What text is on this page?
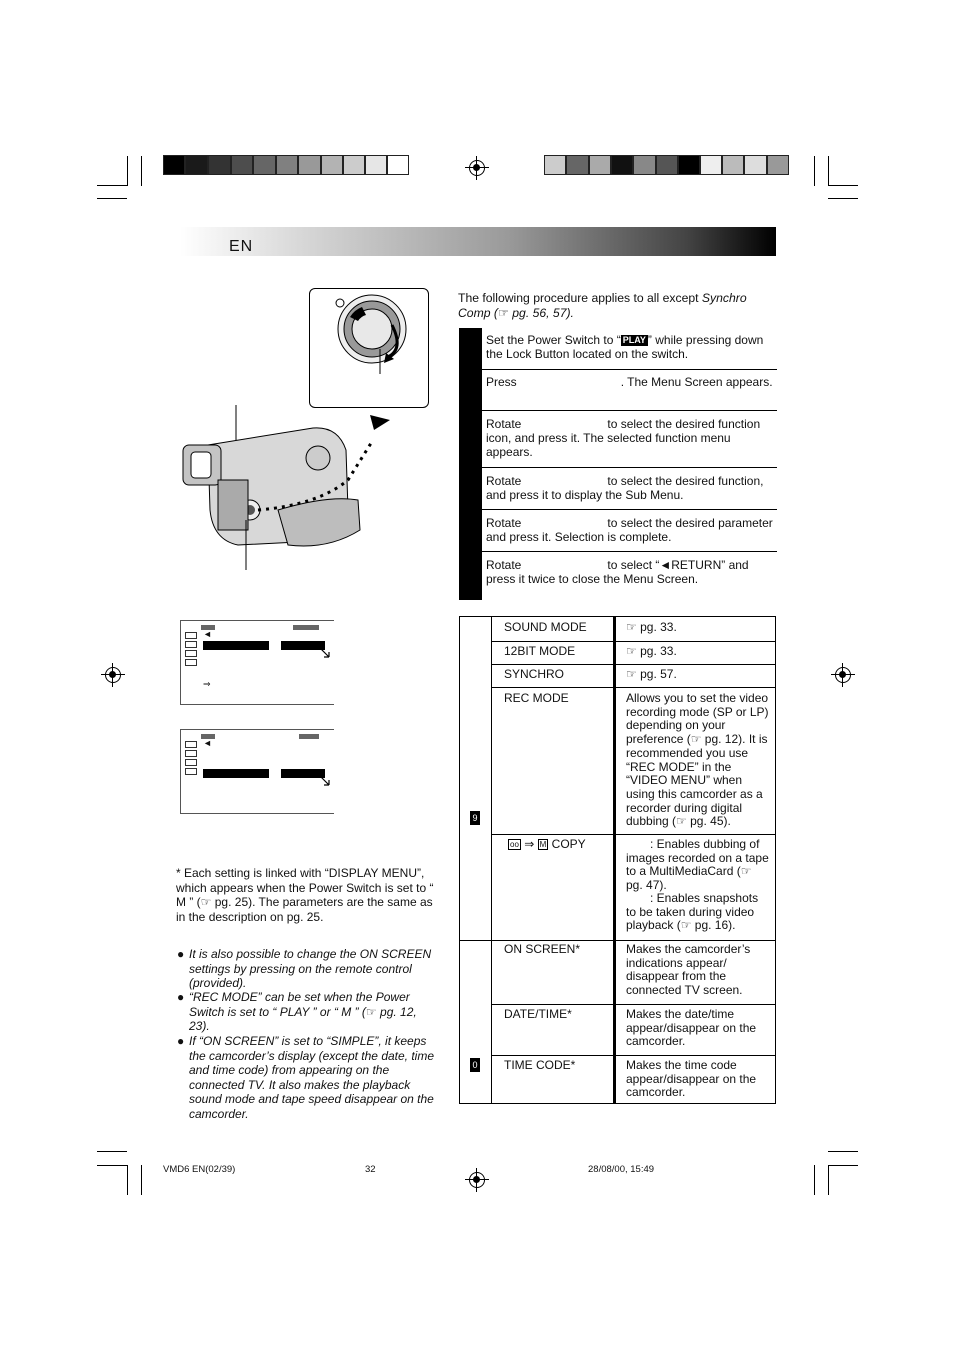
EN
The following procedure applies to all except Synchro Comp (☞ pg. 56, 57).
Set the Power Switch to “ PLAY ” while pressing down the Lock Button located on the switch.
Press	. The Menu Screen appears.
Rotate	to select the desired function icon, and press it. The selected function menu appears.
Rotate	to select the desired function, and press it to display the Sub Menu.
Rotate	to select the desired parameter and press it. Selection is complete.
Rotate	to select “◄RETURN” and press it twice to close the Menu Screen.
◄
⇒
◄
* Each setting is linked with “DISPLAY MENU”, which appears when the Power Switch is set to “ M ” (☞ pg. 25). The parameters are the same as in the description on pg. 25.
● It is also possible to change the ON SCREEN settings by pressing on the remote control (provided).
● “REC MODE” can be set when the Power Switch is set to “ PLAY ” or “ M ” (☞ pg. 12, 23).
● If “ON SCREEN” is set to “SIMPLE”, it keeps the camcorder’s display (except the date, time and time code) from appearing on the connected TV. It also makes the playback sound mode and tape speed disappear on the camcorder.
9
0
SOUND MODE	☞ pg. 33.
12BIT MODE	☞ pg. 33.
SYNCHRO	☞ pg. 57.
REC MODE	Allows you to set the video recording mode (SP or LP) depending on your preference (☞ pg. 12). It is recommended you use “REC MODE” in the “VIDEO MENU” when using this camcorder as a recorder during digital dubbing (☞ pg. 45).
oo ⇒ M COPY	: Enables dubbing of images recorded on a tape to a MultiMediaCard (☞ pg. 47).
: Enables snapshots to be taken during video playback (☞ pg. 16).
ON SCREEN*	Makes the camcorder’s indications appear/ disappear from the connected TV screen.
DATE/TIME*	Makes the date/time appear/disappear on the camcorder.
TIME CODE*	Makes the time code appear/disappear on the camcorder.
VMD6 EN(02/39)	32	28/08/00, 15:49
